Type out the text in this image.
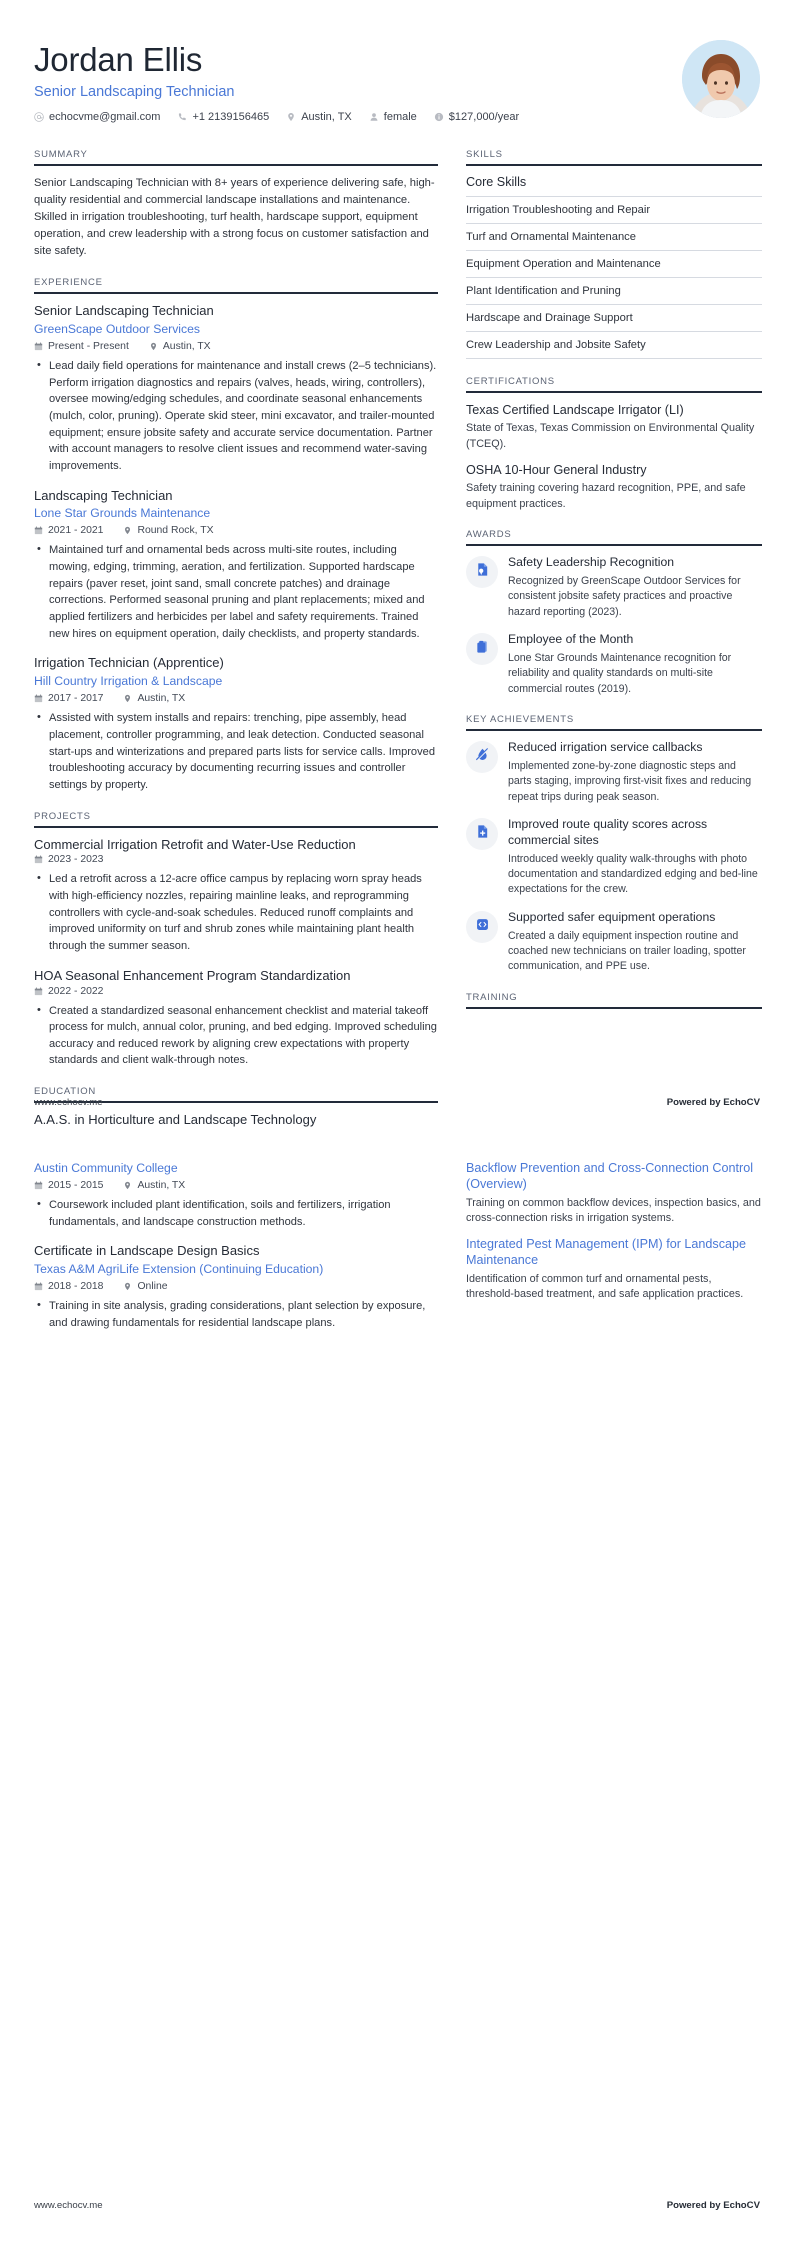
Jordan Ellis
Senior Landscaping Technician
echocvme@gmail.com	+1 2139156465	Austin, TX	female	$127,000/year
SUMMARY
Senior Landscaping Technician with 8+ years of experience delivering safe, high-quality residential and commercial landscape installations and maintenance. Skilled in irrigation troubleshooting, turf health, hardscape support, equipment operation, and crew leadership with a strong focus on customer satisfaction and site safety.
EXPERIENCE
Senior Landscaping Technician
GreenScape Outdoor Services
Present - Present	Austin, TX
• Lead daily field operations for maintenance and install crews (2–5 technicians). Perform irrigation diagnostics and repairs (valves, heads, wiring, controllers), oversee mowing/edging schedules, and coordinate seasonal enhancements (mulch, color, pruning). Operate skid steer, mini excavator, and trailer-mounted equipment; ensure jobsite safety and accurate service documentation. Partner with account managers to resolve client issues and recommend water-saving improvements.
Landscaping Technician
Lone Star Grounds Maintenance
2021 - 2021	Round Rock, TX
• Maintained turf and ornamental beds across multi-site routes, including mowing, edging, trimming, aeration, and fertilization. Supported hardscape repairs (paver reset, joint sand, small concrete patches) and drainage corrections. Performed seasonal pruning and plant replacements; mixed and applied fertilizers and herbicides per label and safety requirements. Trained new hires on equipment operation, daily checklists, and property standards.
Irrigation Technician (Apprentice)
Hill Country Irrigation & Landscape
2017 - 2017	Austin, TX
• Assisted with system installs and repairs: trenching, pipe assembly, head placement, controller programming, and leak detection. Conducted seasonal start-ups and winterizations and prepared parts lists for service calls. Improved troubleshooting accuracy by documenting recurring issues and controller settings by property.
PROJECTS
Commercial Irrigation Retrofit and Water-Use Reduction
2023 - 2023
• Led a retrofit across a 12-acre office campus by replacing worn spray heads with high-efficiency nozzles, repairing mainline leaks, and reprogramming controllers with cycle-and-soak schedules. Reduced runoff complaints and improved uniformity on turf and shrub zones while maintaining plant health through the summer season.
HOA Seasonal Enhancement Program Standardization
2022 - 2022
• Created a standardized seasonal enhancement checklist and material takeoff process for mulch, annual color, pruning, and bed edging. Improved scheduling accuracy and reduced rework by aligning crew expectations with property standards and client walk-through notes.
EDUCATION
A.A.S. in Horticulture and Landscape Technology
SKILLS
Core Skills
Irrigation Troubleshooting and Repair
Turf and Ornamental Maintenance
Equipment Operation and Maintenance
Plant Identification and Pruning
Hardscape and Drainage Support
Crew Leadership and Jobsite Safety
CERTIFICATIONS
Texas Certified Landscape Irrigator (LI)
State of Texas, Texas Commission on Environmental Quality (TCEQ).
OSHA 10-Hour General Industry
Safety training covering hazard recognition, PPE, and safe equipment practices.
AWARDS
Safety Leadership Recognition
Recognized by GreenScape Outdoor Services for consistent jobsite safety practices and proactive hazard reporting (2023).
Employee of the Month
Lone Star Grounds Maintenance recognition for reliability and quality standards on multi-site commercial routes (2019).
KEY ACHIEVEMENTS
Reduced irrigation service callbacks
Implemented zone-by-zone diagnostic steps and parts staging, improving first-visit fixes and reducing repeat trips during peak season.
Improved route quality scores across commercial sites
Introduced weekly quality walk-throughs with photo documentation and standardized edging and bed-line expectations for the crew.
Supported safer equipment operations
Created a daily equipment inspection routine and coached new technicians on trailer loading, spotter communication, and PPE use.
TRAINING
www.echocv.me	Powered by EchoCV
Austin Community College
2015 - 2015	Austin, TX
• Coursework included plant identification, soils and fertilizers, irrigation fundamentals, and landscape construction methods.
Certificate in Landscape Design Basics
Texas A&M AgriLife Extension (Continuing Education)
2018 - 2018	Online
• Training in site analysis, grading considerations, plant selection by exposure, and drawing fundamentals for residential landscape plans.
Backflow Prevention and Cross-Connection Control (Overview)
Training on common backflow devices, inspection basics, and cross-connection risks in irrigation systems.
Integrated Pest Management (IPM) for Landscape Maintenance
Identification of common turf and ornamental pests, threshold-based treatment, and safe application practices.
www.echocv.me	Powered by EchoCV
